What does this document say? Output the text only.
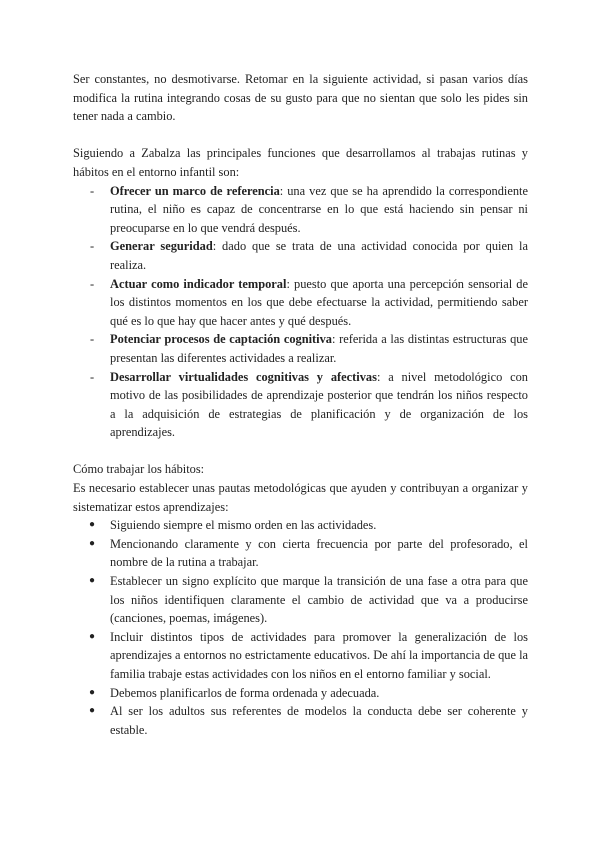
Ser constantes, no desmotivarse. Retomar en la siguiente actividad, si pasan varios días modifica la rutina integrando cosas de su gusto para que no sientan que solo les pides sin tener nada a cambio.

Siguiendo a Zabalza las principales funciones que desarrollamos al trabajas rutinas y hábitos en el entorno infantil son:

- Ofrecer un marco de referencia: una vez que se ha aprendido la correspondiente rutina, el niño es capaz de concentrarse en lo que está haciendo sin pensar ni preocuparse en lo que vendrá después.
- Generar seguridad: dado que se trata de una actividad conocida por quien la realiza.
- Actuar como indicador temporal: puesto que aporta una percepción sensorial de los distintos momentos en los que debe efectuarse la actividad, permitiendo saber qué es lo que hay que hacer antes y qué después.
- Potenciar procesos de captación cognitiva: referida a las distintas estructuras que presentan las diferentes actividades a realizar.
- Desarrollar virtualidades cognitivas y afectivas: a nivel metodológico con motivo de las posibilidades de aprendizaje posterior que tendrán los niños respecto a la adquisición de estrategias de planificación y de organización de los aprendizajes.

Cómo trabajar los hábitos:

Es necesario establecer unas pautas metodológicas que ayuden y contribuyan a organizar y sistematizar estos aprendizajes:

● Siguiendo siempre el mismo orden en las actividades.
● Mencionando claramente y con cierta frecuencia por parte del profesorado, el nombre de la rutina a trabajar.
● Establecer un signo explícito que marque la transición de una fase a otra para que los niños identifiquen claramente el cambio de actividad que va a producirse (canciones, poemas, imágenes).
● Incluir distintos tipos de actividades para promover la generalización de los aprendizajes a entornos no estrictamente educativos. De ahí la importancia de que la familia trabaje estas actividades con los niños en el entorno familiar y social.
● Debemos planificarlos de forma ordenada y adecuada.
● Al ser los adultos sus referentes de modelos la conducta debe ser coherente y estable.
